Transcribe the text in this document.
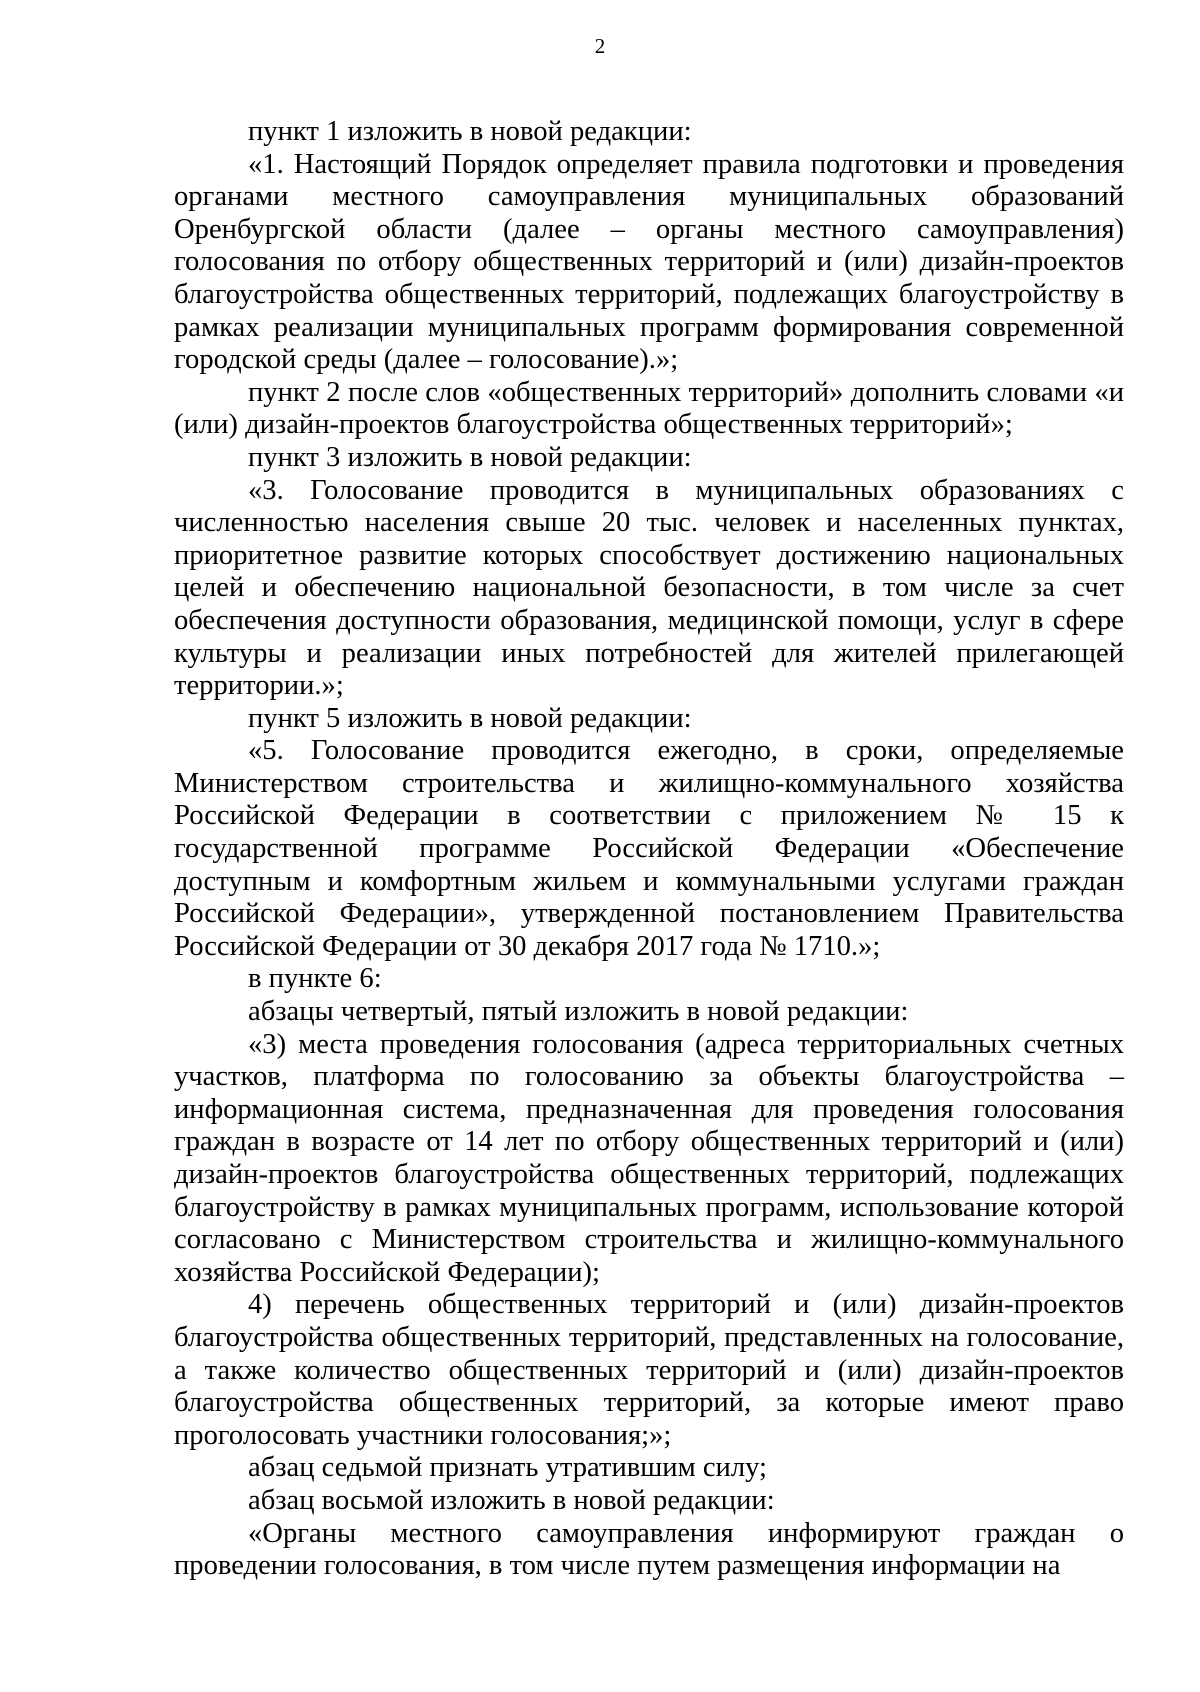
2

пункт 1 изложить в новой редакции:

«1. Настоящий Порядок определяет правила подготовки и проведения органами местного самоуправления муниципальных образований Оренбургской области (далее – органы местного самоуправления) голосования по отбору общественных территорий и (или) дизайн-проектов благоустройства общественных территорий, подлежащих благоустройству в рамках реализации муниципальных программ формирования современной городской среды (далее – голосование).»;

пункт 2 после слов «общественных территорий» дополнить словами «и (или) дизайн-проектов благоустройства общественных территорий»;

пункт 3 изложить в новой редакции:

«3. Голосование проводится в муниципальных образованиях с численностью населения свыше 20 тыс. человек и населенных пунктах, приоритетное развитие которых способствует достижению национальных целей и обеспечению национальной безопасности, в том числе за счет обеспечения доступности образования, медицинской помощи, услуг в сфере культуры и реализации иных потребностей для жителей прилегающей территории.»;

пункт 5 изложить в новой редакции:

«5. Голосование проводится ежегодно, в сроки, определяемые Министерством строительства и жилищно-коммунального хозяйства Российской Федерации в соответствии с приложением № 15 к государственной программе Российской Федерации «Обеспечение доступным и комфортным жильем и коммунальными услугами граждан Российской Федерации», утвержденной постановлением Правительства Российской Федерации от 30 декабря 2017 года № 1710.»;

в пункте 6:

абзацы четвертый, пятый изложить в новой редакции:

«3) места проведения голосования (адреса территориальных счетных участков, платформа по голосованию за объекты благоустройства – информационная система, предназначенная для проведения голосования граждан в возрасте от 14 лет по отбору общественных территорий и (или) дизайн-проектов благоустройства общественных территорий, подлежащих благоустройству в рамках муниципальных программ, использование которой согласовано с Министерством строительства и жилищно-коммунального хозяйства Российской Федерации);

4) перечень общественных территорий и (или) дизайн-проектов благоустройства общественных территорий, представленных на голосование, а также количество общественных территорий и (или) дизайн-проектов благоустройства общественных территорий, за которые имеют право проголосовать участники голосования;»;

абзац седьмой признать утратившим силу;

абзац восьмой изложить в новой редакции:

«Органы местного самоуправления информируют граждан о проведении голосования, в том числе путем размещения информации на
